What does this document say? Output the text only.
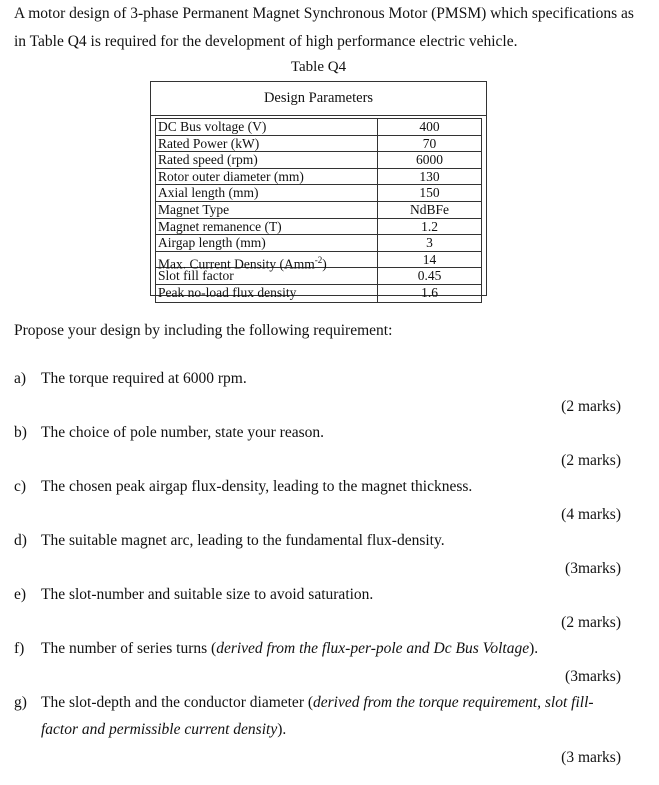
A motor design of 3-phase Permanent Magnet Synchronous Motor (PMSM) which specifications as in Table Q4 is required for the development of high performance electric vehicle.
Table Q4
Design Parameters
DC Bus voltage (V)	400
Rated Power (kW)	70
Rated speed (rpm)	6000
Rotor outer diameter (mm)	130
Axial length (mm)	150
Magnet Type	NdBFe
Magnet remanence (T)	1.2
Airgap length (mm)	3
Max. Current Density (Amm$^{-2}$)	14
Slot fill factor	0.45
Peak no-load flux density	1.6
Propose your design by including the following requirement:
a) The torque required at 6000 rpm.
(2 marks)
b) The choice of pole number, state your reason.
(2 marks)
c) The chosen peak airgap flux-density, leading to the magnet thickness.
(4 marks)
d) The suitable magnet arc, leading to the fundamental flux-density.
(3marks)
e) The slot-number and suitable size to avoid saturation.
(2 marks)
f) The number of series turns (derived from the flux-per-pole and Dc Bus Voltage).
(3marks)
g) The slot-depth and the conductor diameter (derived from the torque requirement, slot fill-
factor and permissible current density).
(3 marks)
